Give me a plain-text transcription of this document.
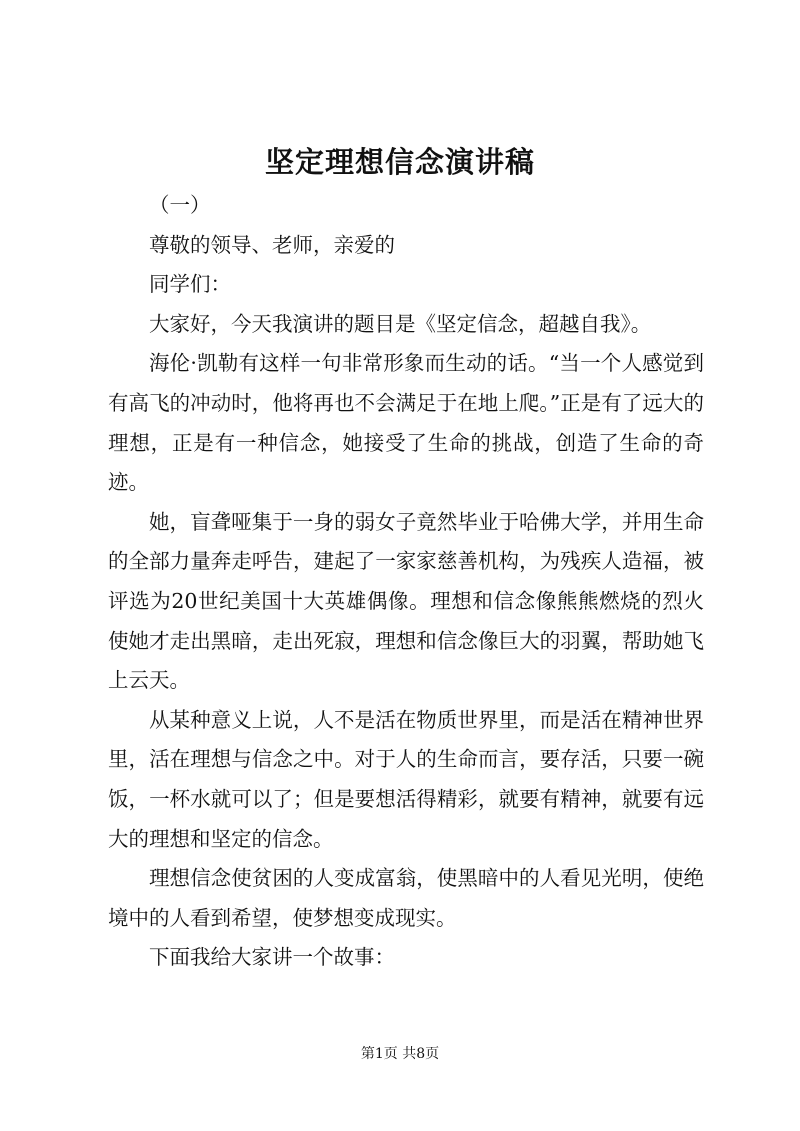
坚定理想信念演讲稿

（一）

尊敬的领导、老师，亲爱的

同学们：

大家好，今天我演讲的题目是《坚定信念，超越自我》。

海伦·凯勒有这样一句非常形象而生动的话。“当一个人感觉到有高飞的冲动时，他将再也不会满足于在地上爬。”正是有了远大的理想，正是有一种信念，她接受了生命的挑战，创造了生命的奇迹。

她，盲聋哑集于一身的弱女子竟然毕业于哈佛大学，并用生命的全部力量奔走呼告，建起了一家家慈善机构，为残疾人造福，被评选为20世纪美国十大英雄偶像。理想和信念像熊熊燃烧的烈火使她才走出黑暗，走出死寂，理想和信念像巨大的羽翼，帮助她飞上云天。

从某种意义上说，人不是活在物质世界里，而是活在精神世界里，活在理想与信念之中。对于人的生命而言，要存活，只要一碗饭，一杯水就可以了；但是要想活得精彩，就要有精神，就要有远大的理想和坚定的信念。

理想信念使贫困的人变成富翁，使黑暗中的人看见光明，使绝境中的人看到希望，使梦想变成现实。

下面我给大家讲一个故事：

第1页 共8页
